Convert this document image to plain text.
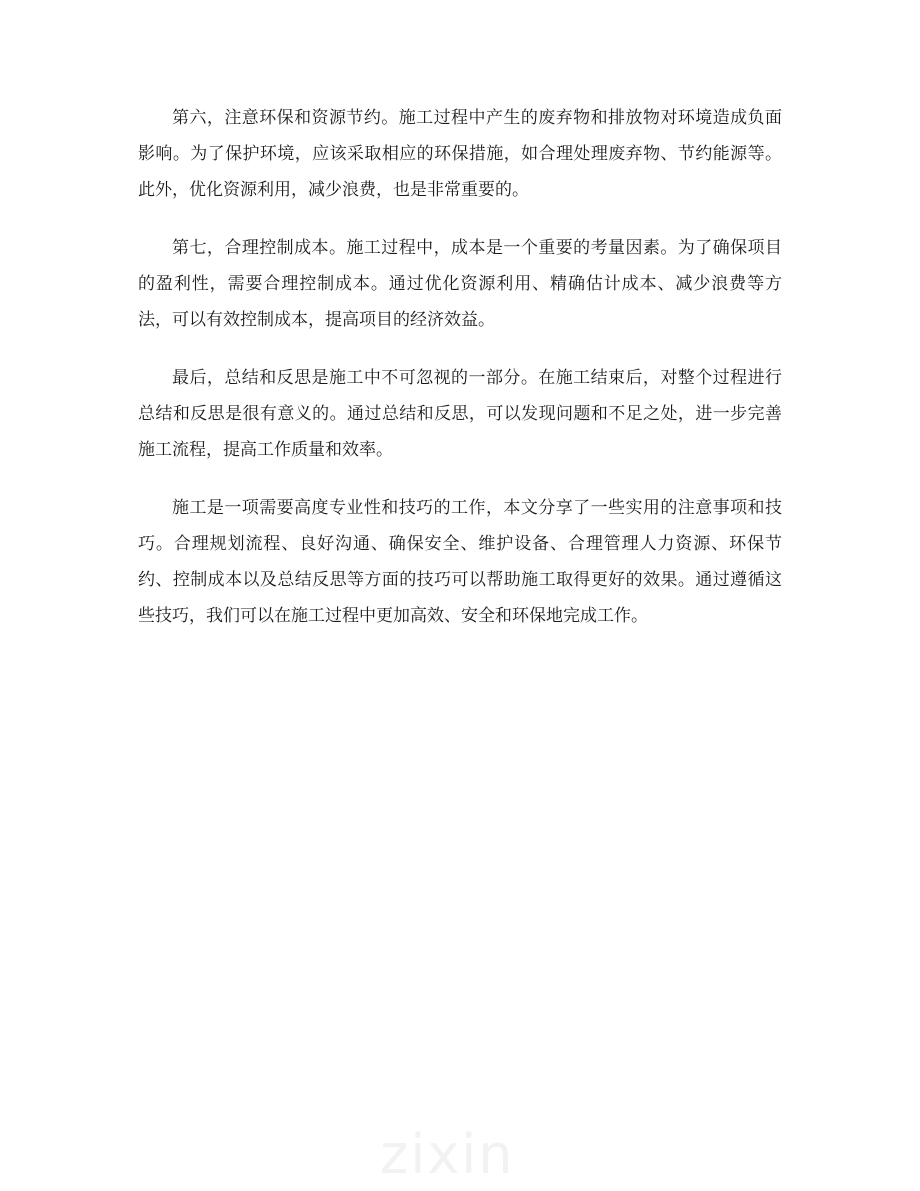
第六，注意环保和资源节约。施工过程中产生的废弃物和排放物对环境造成负面影响。为了保护环境，应该采取相应的环保措施，如合理处理废弃物、节约能源等。此外，优化资源利用，减少浪费，也是非常重要的。

第七，合理控制成本。施工过程中，成本是一个重要的考量因素。为了确保项目的盈利性，需要合理控制成本。通过优化资源利用、精确估计成本、减少浪费等方法，可以有效控制成本，提高项目的经济效益。

最后，总结和反思是施工中不可忽视的一部分。在施工结束后，对整个过程进行总结和反思是很有意义的。通过总结和反思，可以发现问题和不足之处，进一步完善施工流程，提高工作质量和效率。

施工是一项需要高度专业性和技巧的工作，本文分享了一些实用的注意事项和技巧。合理规划流程、良好沟通、确保安全、维护设备、合理管理人力资源、环保节约、控制成本以及总结反思等方面的技巧可以帮助施工取得更好的效果。通过遵循这些技巧，我们可以在施工过程中更加高效、安全和环保地完成工作。

zixin
